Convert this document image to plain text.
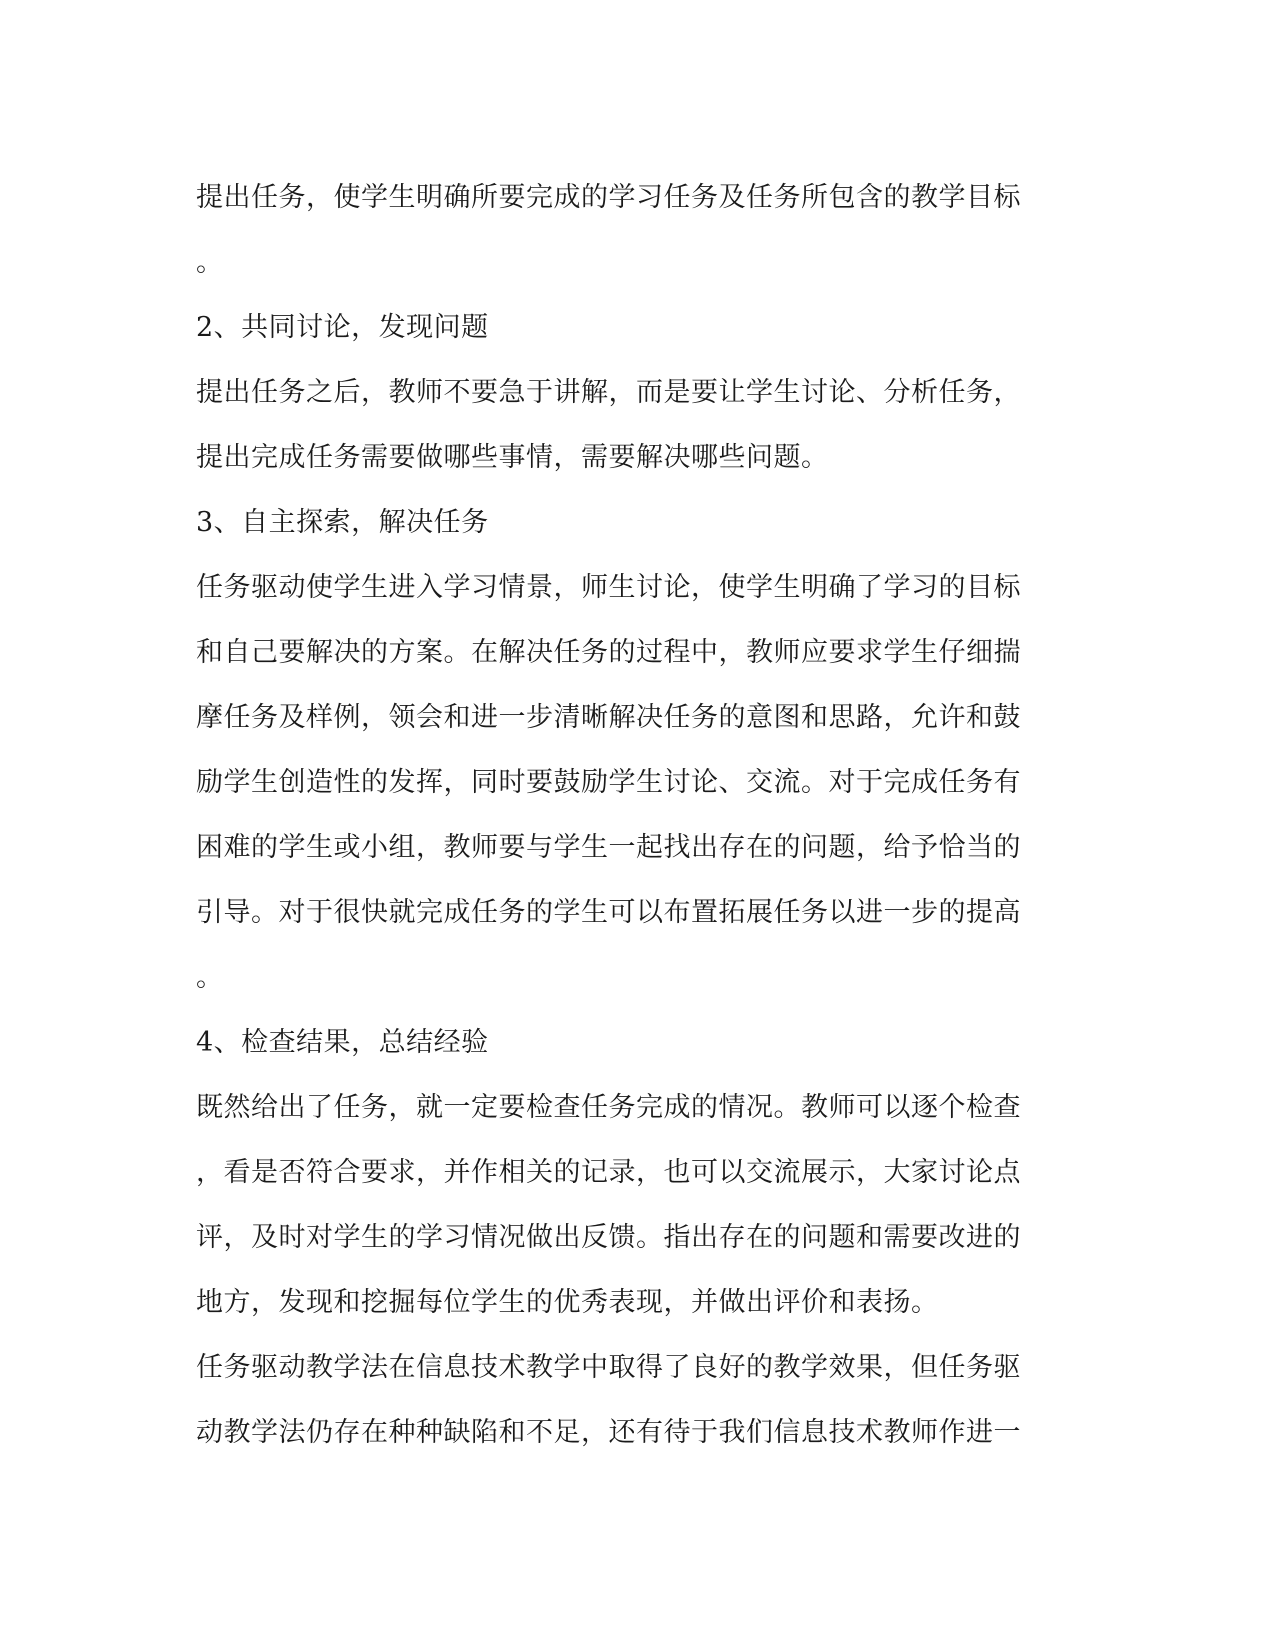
提出任务，使学生明确所要完成的学习任务及任务所包含的教学目标
。
2、共同讨论，发现问题
提出任务之后，教师不要急于讲解，而是要让学生讨论、分析任务，
提出完成任务需要做哪些事情，需要解决哪些问题。
3、自主探索，解决任务
任务驱动使学生进入学习情景，师生讨论，使学生明确了学习的目标
和自己要解决的方案。在解决任务的过程中，教师应要求学生仔细揣
摩任务及样例，领会和进一步清晰解决任务的意图和思路，允许和鼓
励学生创造性的发挥，同时要鼓励学生讨论、交流。对于完成任务有
困难的学生或小组，教师要与学生一起找出存在的问题，给予恰当的
引导。对于很快就完成任务的学生可以布置拓展任务以进一步的提高
。
4、检查结果，总结经验
既然给出了任务，就一定要检查任务完成的情况。教师可以逐个检查
，看是否符合要求，并作相关的记录，也可以交流展示，大家讨论点
评，及时对学生的学习情况做出反馈。指出存在的问题和需要改进的
地方，发现和挖掘每位学生的优秀表现，并做出评价和表扬。
任务驱动教学法在信息技术教学中取得了良好的教学效果，但任务驱
动教学法仍存在种种缺陷和不足，还有待于我们信息技术教师作进一
